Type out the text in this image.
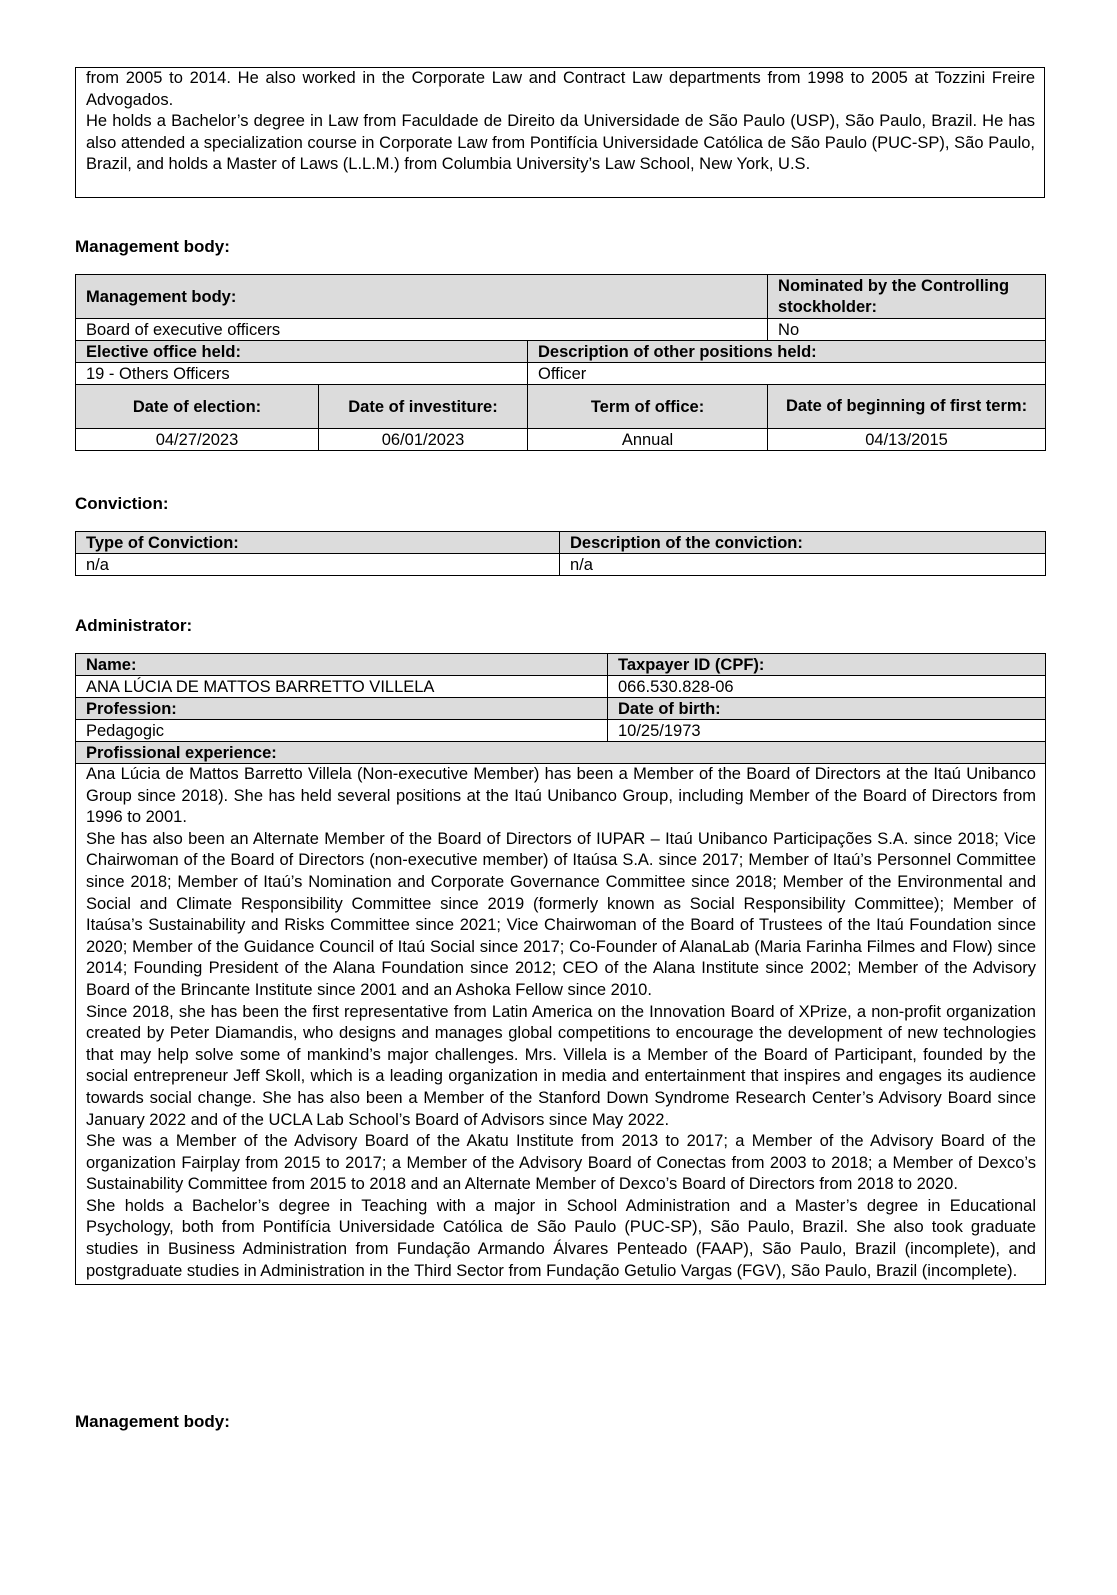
from 2005 to 2014. He also worked in the Corporate Law and Contract Law departments from 1998 to 2005 at Tozzini Freire Advogados.

He holds a Bachelor’s degree in Law from Faculdade de Direito da Universidade de São Paulo (USP), São Paulo, Brazil. He has also attended a specialization course in Corporate Law from Pontifícia Universidade Católica de São Paulo (PUC-SP), São Paulo, Brazil, and holds a Master of Laws (L.L.M.) from Columbia University’s Law School, New York, U.S.

Management body:
Management body:			Nominated by the Controlling stockholder:
Board of executive officers			No
Elective office held:		Description of other positions held:	
19 - Others Officers		Officer	
Date of election:	Date of investiture:	Term of office:	Date of beginning of first term:
04/27/2023	06/01/2023	Annual	04/13/2015
Conviction:
Type of Conviction:	Description of the conviction:
n/a	n/a
Administrator:
Name:	Taxpayer ID (CPF):
ANA LÚCIA DE MATTOS BARRETTO VILLELA	066.530.828-06
Profession:	Date of birth:
Pedagogic	10/25/1973
Profissional experience:	

Ana Lúcia de Mattos Barretto Villela (Non-executive Member) has been a Member of the Board of Directors at the Itaú Unibanco Group since 2018). She has held several positions at the Itaú Unibanco Group, including Member of the Board of Directors from 1996 to 2001.

She has also been an Alternate Member of the Board of Directors of IUPAR – Itaú Unibanco Participações S.A. since 2018; Vice Chairwoman of the Board of Directors (non-executive member) of Itaúsa S.A. since 2017; Member of Itaú’s Personnel Committee since 2018; Member of Itaú’s Nomination and Corporate Governance Committee since 2018; Member of the Environmental and Social and Climate Responsibility Committee since 2019 (formerly known as Social Responsibility Committee); Member of Itaúsa’s Sustainability and Risks Committee since 2021; Vice Chairwoman of the Board of Trustees of the Itaú Foundation since 2020; Member of the Guidance Council of Itaú Social since 2017; Co-Founder of AlanaLab (Maria Farinha Filmes and Flow) since 2014; Founding President of the Alana Foundation since 2012; CEO of the Alana Institute since 2002; Member of the Advisory Board of the Brincante Institute since 2001 and an Ashoka Fellow since 2010.

Since 2018, she has been the first representative from Latin America on the Innovation Board of XPrize, a non-profit organization created by Peter Diamandis, who designs and manages global competitions to encourage the development of new technologies that may help solve some of mankind’s major challenges. Mrs. Villela is a Member of the Board of Participant, founded by the social entrepreneur Jeff Skoll, which is a leading organization in media and entertainment that inspires and engages its audience towards social change. She has also been a Member of the Stanford Down Syndrome Research Center’s Advisory Board since January 2022 and of the UCLA Lab School’s Board of Advisors since May 2022.

She was a Member of the Advisory Board of the Akatu Institute from 2013 to 2017; a Member of the Advisory Board of the organization Fairplay from 2015 to 2017; a Member of the Advisory Board of Conectas from 2003 to 2018; a Member of Dexco’s Sustainability Committee from 2015 to 2018 and an Alternate Member of Dexco’s Board of Directors from 2018 to 2020.

She holds a Bachelor’s degree in Teaching with a major in School Administration and a Master’s degree in Educational Psychology, both from Pontifícia Universidade Católica de São Paulo (PUC-SP), São Paulo, Brazil. She also took graduate studies in Business Administration from Fundação Armando Álvares Penteado (FAAP), São Paulo, Brazil (incomplete), and postgraduate studies in Administration in the Third Sector from Fundação Getulio Vargas (FGV), São Paulo, Brazil (incomplete).	

Management body:
